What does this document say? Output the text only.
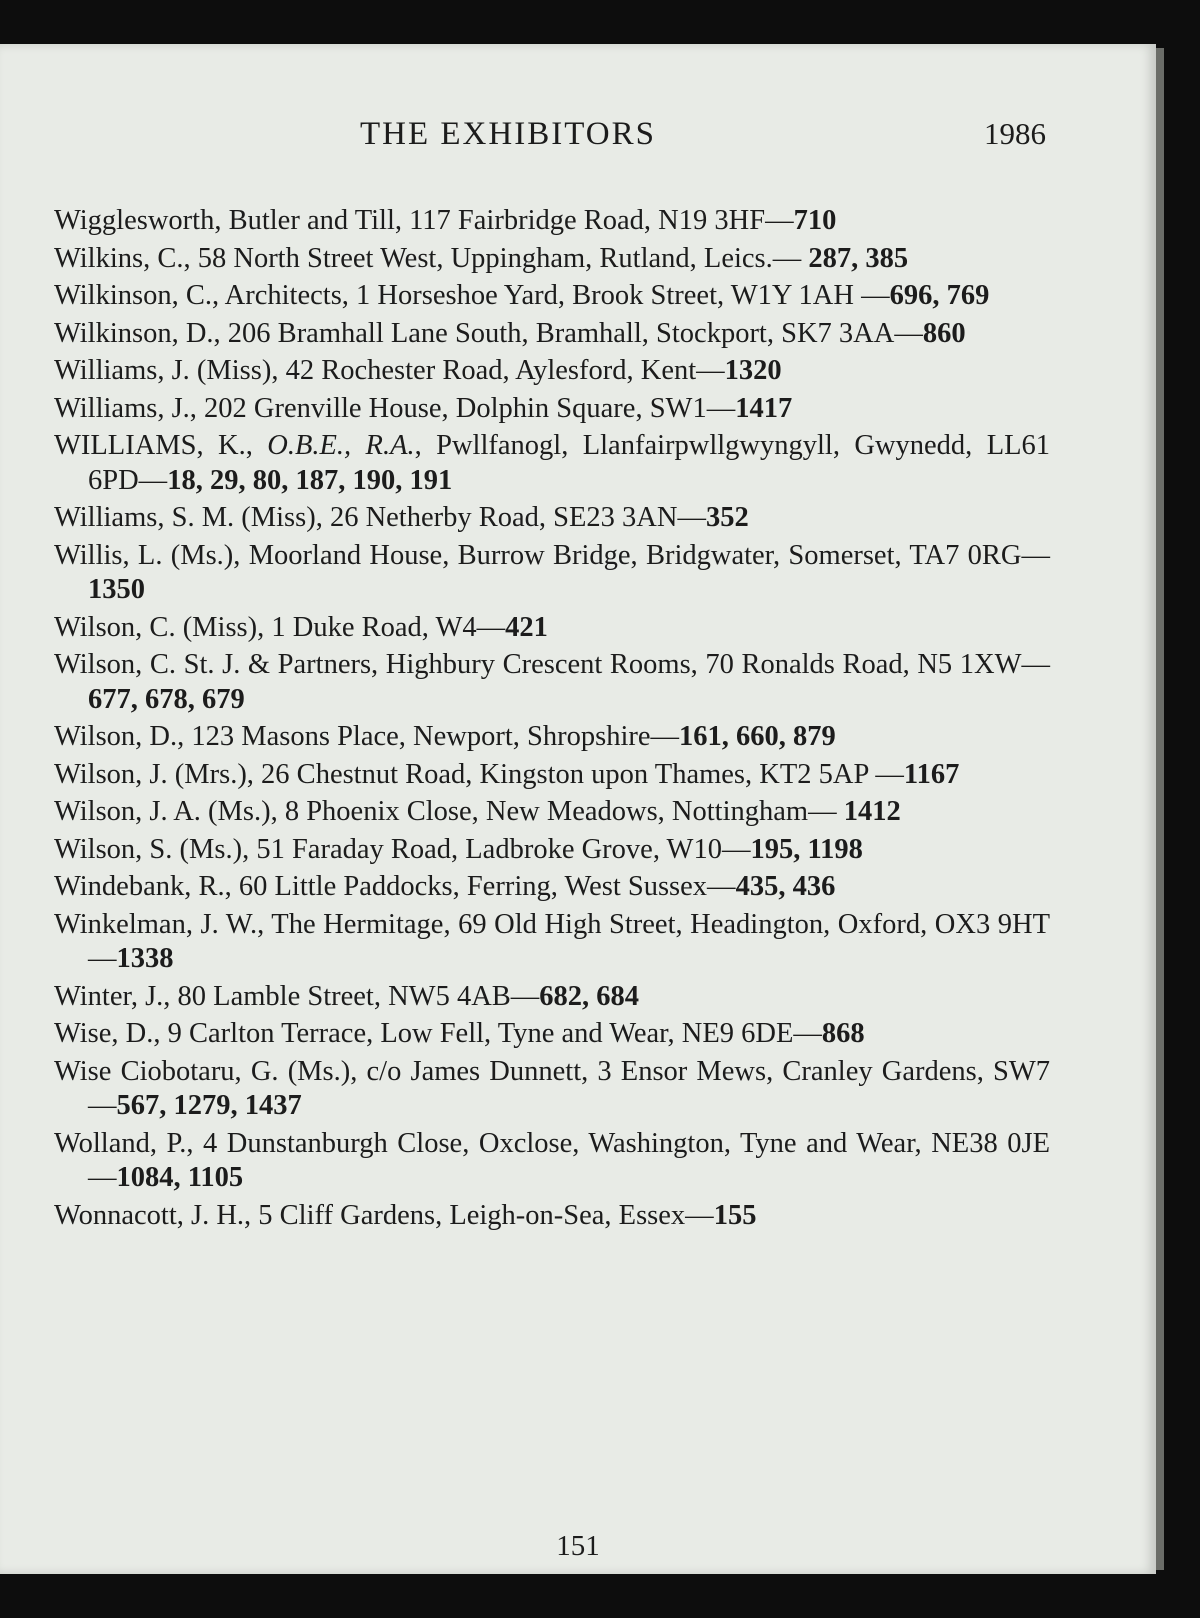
THE EXHIBITORS	1986
Wigglesworth, Butler and Till, 117 Fairbridge Road, N19 3HF—710
Wilkins, C., 58 North Street West, Uppingham, Rutland, Leics.— 287, 385
Wilkinson, C., Architects, 1 Horseshoe Yard, Brook Street, W1Y 1AH —696, 769
Wilkinson, D., 206 Bramhall Lane South, Bramhall, Stockport, SK7 3AA—860
Williams, J. (Miss), 42 Rochester Road, Aylesford, Kent—1320
Williams, J., 202 Grenville House, Dolphin Square, SW1—1417
WILLIAMS, K., O.B.E., R.A., Pwllfanogl, Llanfairpwllgwyngyll, Gwynedd, LL61 6PD—18, 29, 80, 187, 190, 191
Williams, S. M. (Miss), 26 Netherby Road, SE23 3AN—352
Willis, L. (Ms.), Moorland House, Burrow Bridge, Bridgwater, Somerset, TA7 0RG—1350
Wilson, C. (Miss), 1 Duke Road, W4—421
Wilson, C. St. J. & Partners, Highbury Crescent Rooms, 70 Ronalds Road, N5 1XW—677, 678, 679
Wilson, D., 123 Masons Place, Newport, Shropshire—161, 660, 879
Wilson, J. (Mrs.), 26 Chestnut Road, Kingston upon Thames, KT2 5AP —1167
Wilson, J. A. (Ms.), 8 Phoenix Close, New Meadows, Nottingham— 1412
Wilson, S. (Ms.), 51 Faraday Road, Ladbroke Grove, W10—195, 1198
Windebank, R., 60 Little Paddocks, Ferring, West Sussex—435, 436
Winkelman, J. W., The Hermitage, 69 Old High Street, Headington, Oxford, OX3 9HT—1338
Winter, J., 80 Lamble Street, NW5 4AB—682, 684
Wise, D., 9 Carlton Terrace, Low Fell, Tyne and Wear, NE9 6DE—868
Wise Ciobotaru, G. (Ms.), c/o James Dunnett, 3 Ensor Mews, Cranley Gardens, SW7—567, 1279, 1437
Wolland, P., 4 Dunstanburgh Close, Oxclose, Washington, Tyne and Wear, NE38 0JE—1084, 1105
Wonnacott, J. H., 5 Cliff Gardens, Leigh-on-Sea, Essex—155
151
